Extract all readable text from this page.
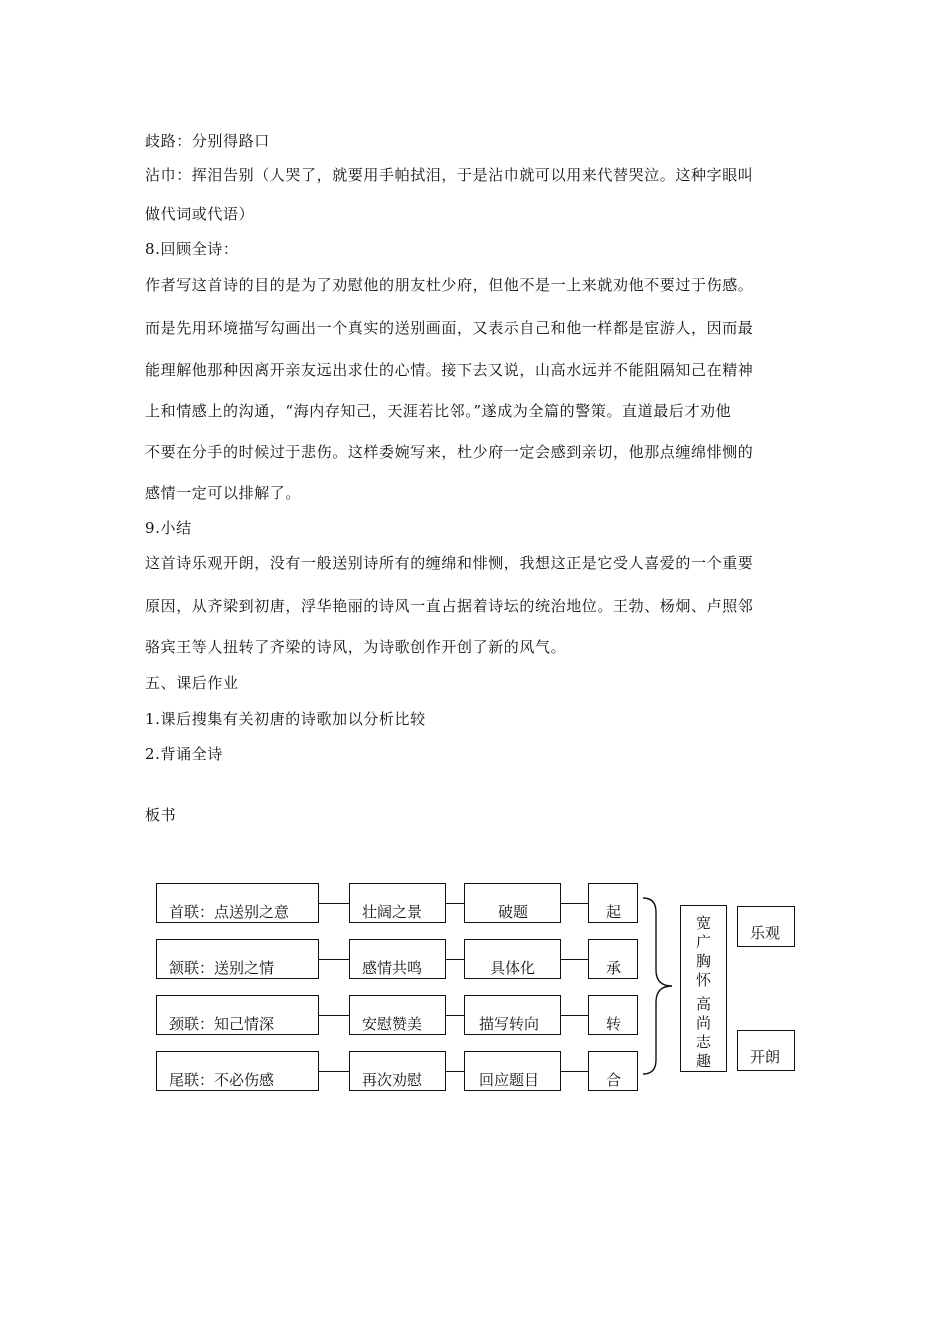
歧路：分别得路口
沾巾：挥泪告别（人哭了，就要用手帕拭泪，于是沾巾就可以用来代替哭泣。这种字眼叫
做代词或代语）
8.回顾全诗：
作者写这首诗的目的是为了劝慰他的朋友杜少府，但他不是一上来就劝他不要过于伤感。
而是先用环境描写勾画出一个真实的送别画面，又表示自己和他一样都是宦游人，因而最
能理解他那种因离开亲友远出求仕的心情。接下去又说，山高水远并不能阻隔知己在精神
上和情感上的沟通，“海内存知己，天涯若比邻。”遂成为全篇的警策。直道最后才劝他
不要在分手的时候过于悲伤。这样委婉写来，杜少府一定会感到亲切，他那点缠绵悱恻的
感情一定可以排解了。
9.小结
这首诗乐观开朗，没有一般送别诗所有的缠绵和悱恻，我想这正是它受人喜爱的一个重要
原因，从齐梁到初唐，浮华艳丽的诗风一直占据着诗坛的统治地位。王勃、杨炯、卢照邻
骆宾王等人扭转了齐梁的诗风，为诗歌创作开创了新的风气。
五、课后作业
1.课后搜集有关初唐的诗歌加以分析比较
2.背诵全诗
板书
首联：点送别之意	壮阔之景	破题	起
颔联：送别之情	感情共鸣	具体化	承
颈联：知己情深	安慰赞美	描写转向	转
尾联：不必伤感	再次劝慰	回应题目	合
宽
广
胸
怀
高
尚
志
趣
乐观
开朗
